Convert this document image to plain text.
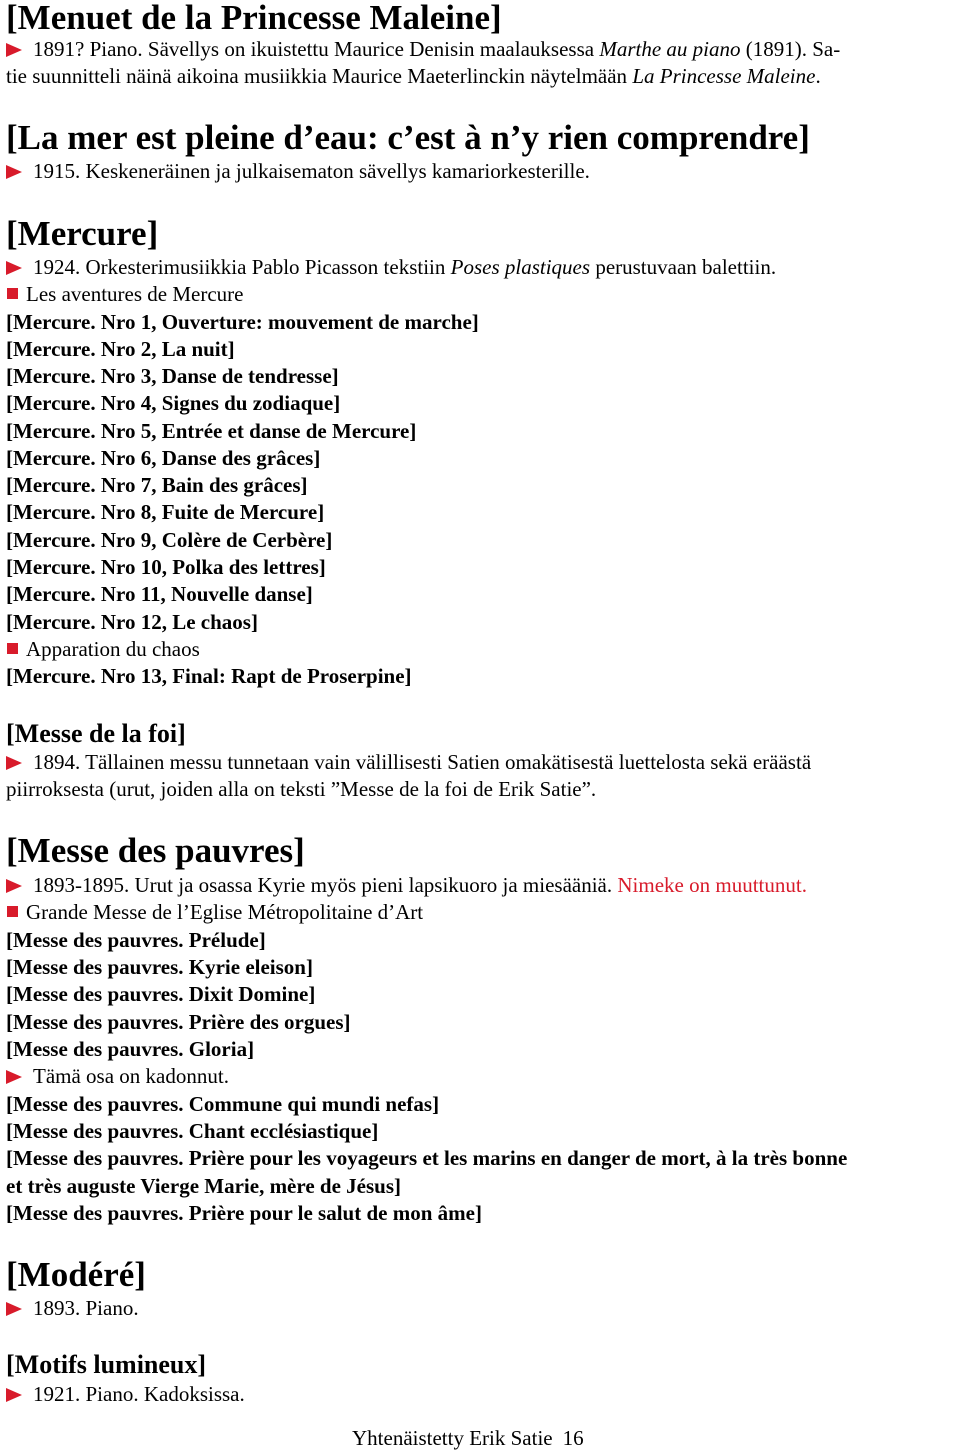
[Menuet de la Princesse Maleine]
1891? Piano. Sävellys on ikuistettu Maurice Denisin maalauksessa Marthe au piano (1891). Sa-
tie suunnitteli näinä aikoina musiikkia Maurice Maeterlinckin näytelmään La Princesse Maleine.
[La mer est pleine d’eau: c’est à n’y rien comprendre]
1915. Keskeneräinen ja julkaisematon sävellys kamariorkesterille.
[Mercure]
1924. Orkesterimusiikkia Pablo Picasson tekstiin Poses plastiques perustuvaan balettiin.
Les aventures de Mercure
[Mercure. Nro 1, Ouverture: mouvement de marche]
[Mercure. Nro 2, La nuit]
[Mercure. Nro 3, Danse de tendresse]
[Mercure. Nro 4, Signes du zodiaque]
[Mercure. Nro 5, Entrée et danse de Mercure]
[Mercure. Nro 6, Danse des grâces]
[Mercure. Nro 7, Bain des grâces]
[Mercure. Nro 8, Fuite de Mercure]
[Mercure. Nro 9, Colère de Cerbère]
[Mercure. Nro 10, Polka des lettres]
[Mercure. Nro 11, Nouvelle danse]
[Mercure. Nro 12, Le chaos]
Apparation du chaos
[Mercure. Nro 13, Final: Rapt de Proserpine]
[Messe de la foi]
1894. Tällainen messu tunnetaan vain välillisesti Satien omakätisestä luettelosta sekä eräästä
piirroksesta (urut, joiden alla on teksti ”Messe de la foi de Erik Satie”.
[Messe des pauvres]
1893-1895. Urut ja osassa Kyrie myös pieni lapsikuoro ja miesääniä. Nimeke on muuttunut.
Grande Messe de l’Eglise Métropolitaine d’Art
[Messe des pauvres. Prélude]
[Messe des pauvres. Kyrie eleison]
[Messe des pauvres. Dixit Domine]
[Messe des pauvres. Prière des orgues]
[Messe des pauvres. Gloria]
Tämä osa on kadonnut.
[Messe des pauvres. Commune qui mundi nefas]
[Messe des pauvres. Chant ecclésiastique]
[Messe des pauvres. Prière pour les voyageurs et les marins en danger de mort, à la très bonne
et très auguste Vierge Marie, mère de Jésus]
[Messe des pauvres. Prière pour le salut de mon âme]
[Modéré]
1893. Piano.
[Motifs lumineux]
1921. Piano. Kadoksissa.
Yhtenäistetty Erik Satie 16
